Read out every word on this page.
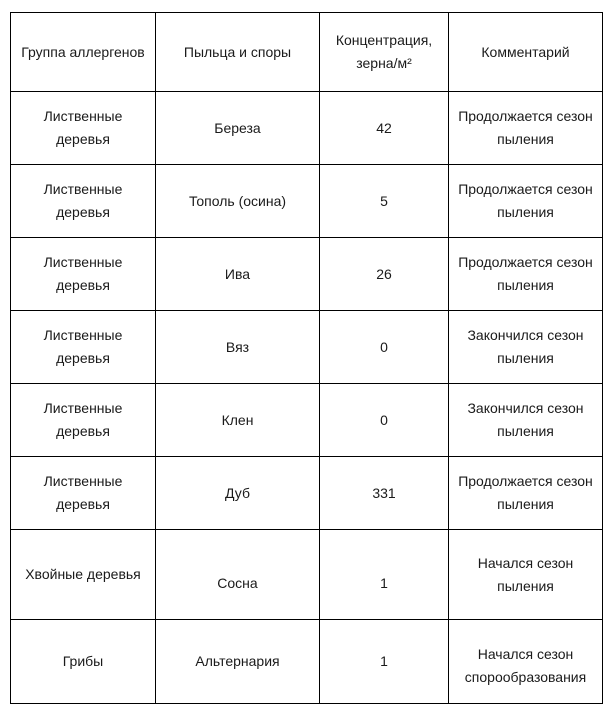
Группа аллергенов	Пыльца и споры	Концентрация, зерна/м²	Комментарий
Лиственные деревья	Береза	42	Продолжается сезон пыления
Лиственные деревья	Тополь (осина)	5	Продолжается сезон пыления
Лиственные деревья	Ива	26	Продолжается сезон пыления
Лиственные деревья	Вяз	0	Закончился сезон пыления
Лиственные деревья	Клен	0	Закончился сезон пыления
Лиственные деревья	Дуб	331	Продолжается сезон пыления
Хвойные деревья	Сосна	1	Начался сезон пыления
Грибы	Альтернария	1	Начался сезон спорообразования
